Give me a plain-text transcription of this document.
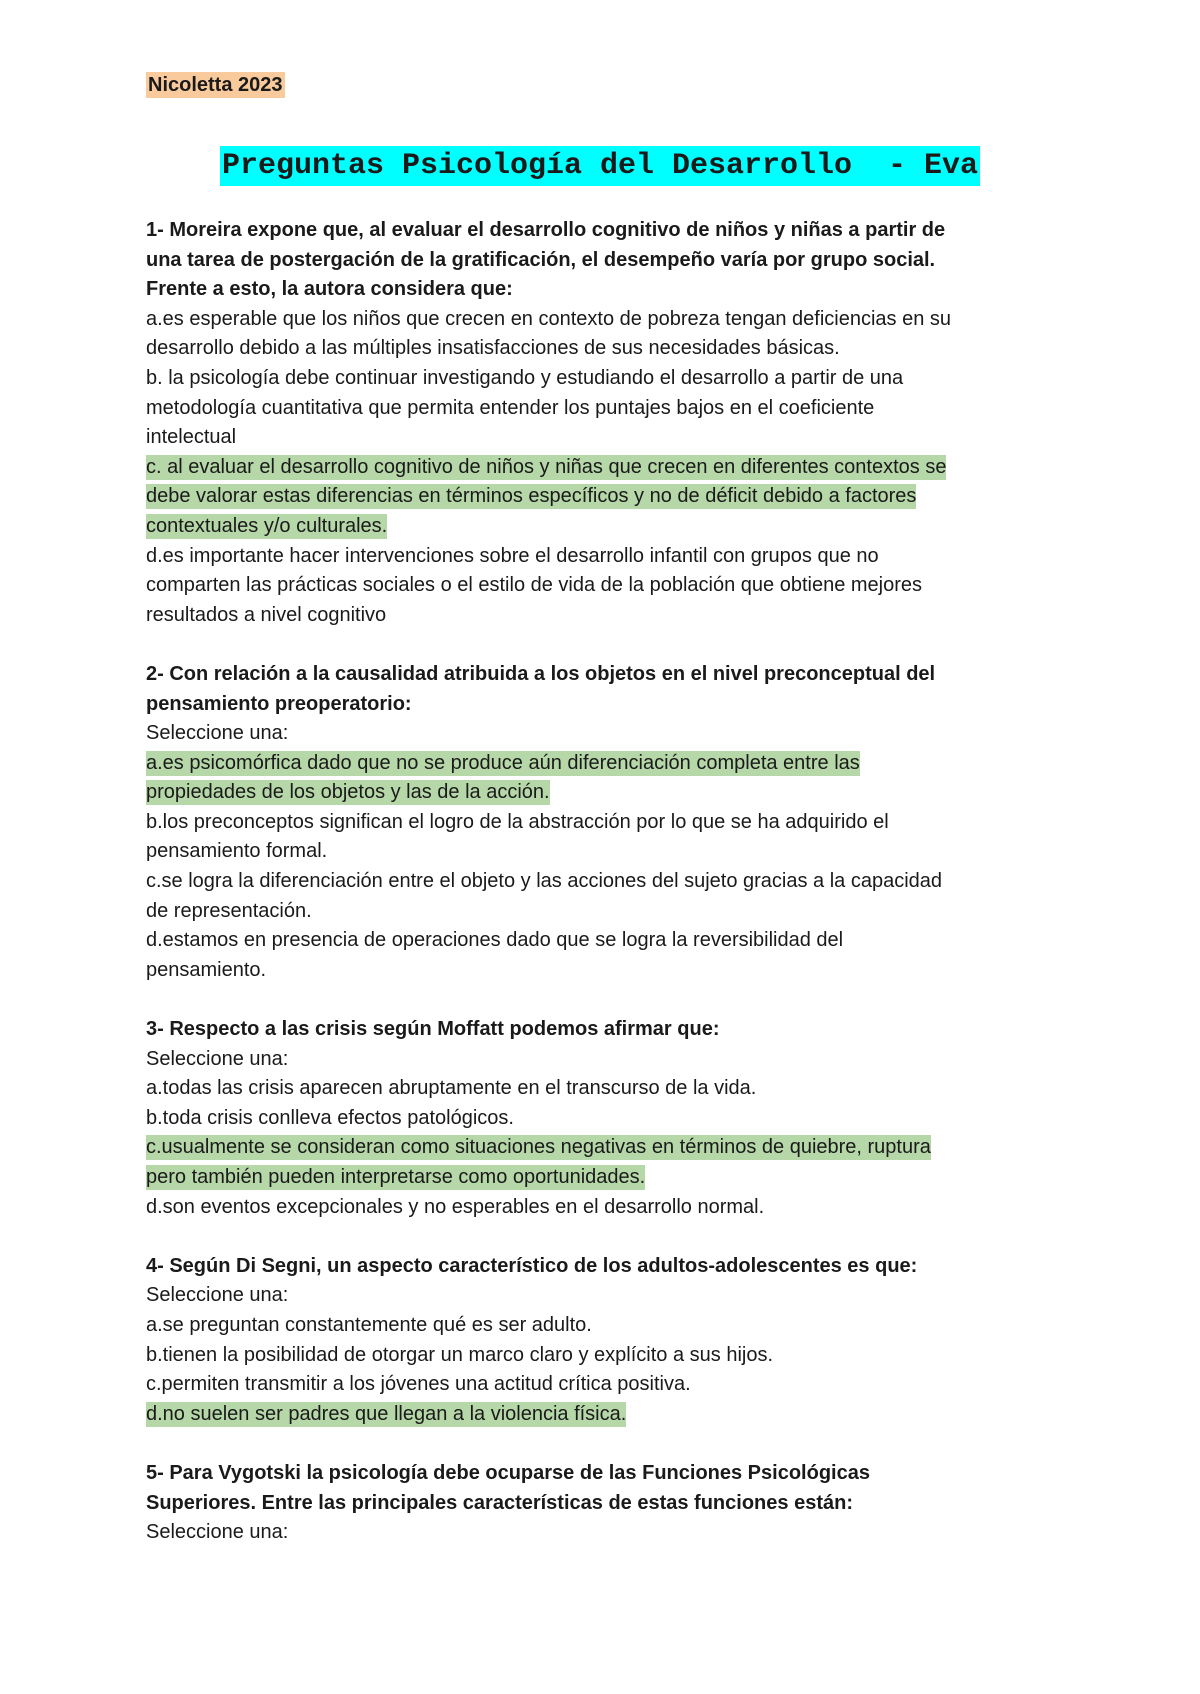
Nicoletta 2023
Preguntas Psicología del Desarrollo  - Eva
1- Moreira expone que, al evaluar el desarrollo cognitivo de niños y niñas a partir de
una tarea de postergación de la gratificación, el desempeño varía por grupo social.
Frente a esto, la autora considera que:
a.es esperable que los niños que crecen en contexto de pobreza tengan deficiencias en su
desarrollo debido a las múltiples insatisfacciones de sus necesidades básicas.
b. la psicología debe continuar investigando y estudiando el desarrollo a partir de una
metodología cuantitativa que permita entender los puntajes bajos en el coeficiente
intelectual
c. al evaluar el desarrollo cognitivo de niños y niñas que crecen en diferentes contextos se
debe valorar estas diferencias en términos específicos y no de déficit debido a factores
contextuales y/o culturales.
d.es importante hacer intervenciones sobre el desarrollo infantil con grupos que no
comparten las prácticas sociales o el estilo de vida de la población que obtiene mejores
resultados a nivel cognitivo
2- Con relación a la causalidad atribuida a los objetos en el nivel preconceptual del
pensamiento preoperatorio:
Seleccione una:
a.es psicomórfica dado que no se produce aún diferenciación completa entre las
propiedades de los objetos y las de la acción.
b.los preconceptos significan el logro de la abstracción por lo que se ha adquirido el
pensamiento formal.
c.se logra la diferenciación entre el objeto y las acciones del sujeto gracias a la capacidad
de representación.
d.estamos en presencia de operaciones dado que se logra la reversibilidad del
pensamiento.
3- Respecto a las crisis según Moffatt podemos afirmar que:
Seleccione una:
a.todas las crisis aparecen abruptamente en el transcurso de la vida.
b.toda crisis conlleva efectos patológicos.
c.usualmente se consideran como situaciones negativas en términos de quiebre, ruptura
pero también pueden interpretarse como oportunidades.
d.son eventos excepcionales y no esperables en el desarrollo normal.
4- Según Di Segni, un aspecto característico de los adultos-adolescentes es que:
Seleccione una:
a.se preguntan constantemente qué es ser adulto.
b.tienen la posibilidad de otorgar un marco claro y explícito a sus hijos.
c.permiten transmitir a los jóvenes una actitud crítica positiva.
d.no suelen ser padres que llegan a la violencia física.
5- Para Vygotski la psicología debe ocuparse de las Funciones Psicológicas
Superiores. Entre las principales características de estas funciones están:
Seleccione una:
